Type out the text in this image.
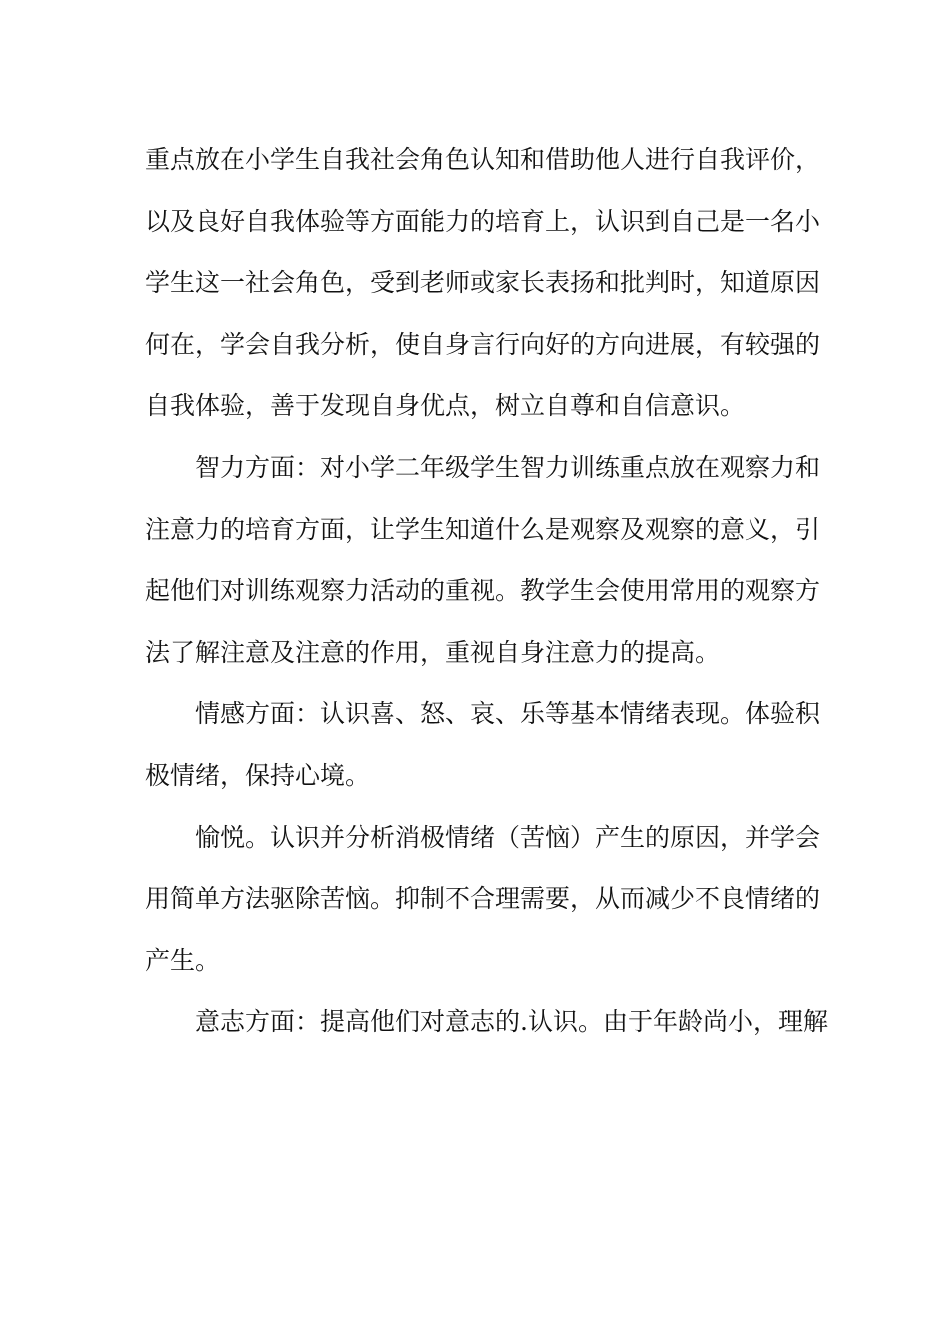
重点放在小学生自我社会角色认知和借助他人进行自我评价，
以及良好自我体验等方面能力的培育上，认识到自己是一名小
学生这一社会角色，受到老师或家长表扬和批判时，知道原因
何在，学会自我分析，使自身言行向好的方向进展，有较强的
自我体验，善于发现自身优点，树立自尊和自信意识。
智力方面：对小学二年级学生智力训练重点放在观察力和
注意力的培育方面，让学生知道什么是观察及观察的意义，引
起他们对训练观察力活动的重视。教学生会使用常用的观察方
法了解注意及注意的作用，重视自身注意力的提高。
情感方面：认识喜、怒、哀、乐等基本情绪表现。体验积
极情绪，保持心境。
愉悦。认识并分析消极情绪（苦恼）产生的原因，并学会
用简单方法驱除苦恼。抑制不合理需要，从而减少不良情绪的
产生。
意志方面：提高他们对意志的.认识。由于年龄尚小，理解
